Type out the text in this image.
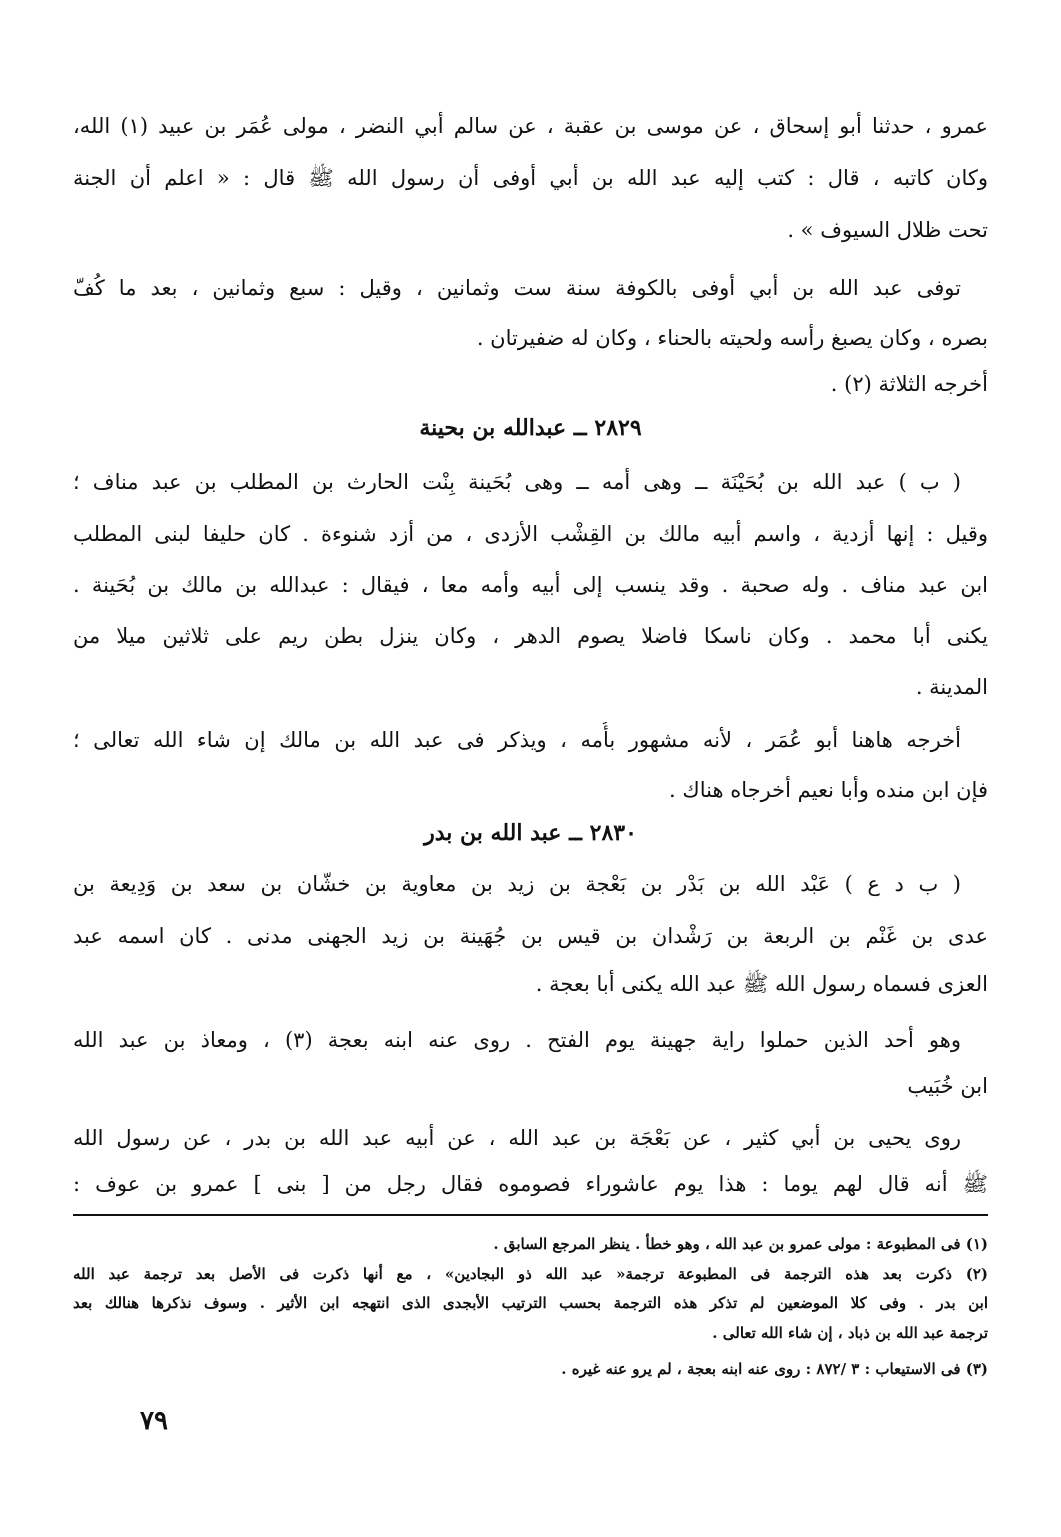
عمرو ، حدثنا أبو إسحاق ، عن موسى بن عقبة ، عن سالم أبي النضر ، مولى عُمَر بن عبيد (١) الله،
وكان كاتبه ، قال : كتب إليه عبد الله بن أبي أوفى أن رسول الله ﷺ قال : « اعلم أن الجنة
تحت ظلال السيوف » .
توفى عبد الله بن أبي أوفى بالكوفة سنة ست وثمانين ، وقيل : سبع وثمانين ، بعد ما كُفّ
بصره ، وكان يصبغ رأسه ولحيته بالحناء ، وكان له ضفيرتان .
أخرجه الثلاثة (٢) .
٢٨٢٩ ــ عبدالله بن بحينة
( ب ) عبد الله بن بُحَيْنَة ــ وهى أمه ــ وهى بُحَينة بِنْت الحارث بن المطلب بن عبد مناف ؛
وقيل : إنها أزدية ، واسم أبيه مالك بن القِشْب الأزدى ، من أزد شنوءة . كان حليفا لبنى المطلب
ابن عبد مناف . وله صحبة . وقد ينسب إلى أبيه وأمه معا ، فيقال : عبدالله بن مالك بن بُحَينة .
يكنى أبا محمد . وكان ناسكا فاضلا يصوم الدهر ، وكان ينزل بطن ريم على ثلاثين ميلا من
المدينة .
أخرجه هاهنا أبو عُمَر ، لأنه مشهور بأُمه ، ويذكر فى عبد الله بن مالك إن شاء الله تعالى ؛
فإن ابن منده وأبا نعيم أخرجاه هناك .
٢٨٣٠ ــ عبد الله بن بدر
( ب د ع ) عَبْد الله بن بَدْر بن بَعْجة بن زيد بن معاوية بن خشّان بن سعد بن وَدِيعة بن
عدى بن غَنْم بن الربعة بن رَشْدان بن قيس بن جُهَينة بن زيد الجهنى مدنى . كان اسمه عبد
العزى فسماه رسول الله ﷺ عبد الله يكنى أبا بعجة .
وهو أحد الذين حملوا راية جهينة يوم الفتح . روى عنه ابنه بعجة (٣) ، ومعاذ بن عبد الله
ابن خُبَيب
روى يحيى بن أبي كثير ، عن بَعْجَة بن عبد الله ، عن أبيه عبد الله بن بدر ، عن رسول الله
ﷺ أنه قال لهم يوما : هذا يوم عاشوراء فصوموه فقال رجل من [ بنى ] عمرو بن عوف :
(١) فى المطبوعة : مولى عمرو بن عبد الله ، وهو خطأ . ينظر المرجع السابق .
(٢) ذكرت بعد هذه الترجمة فى المطبوعة ترجمة« عبد الله ذو البجادين» ، مع أنها ذكرت فى الأصل بعد ترجمة عبد الله
ابن بدر . وفى كلا الموضعين لم تذكر هذه الترجمة بحسب الترتيب الأبجدى الذى انتهجه ابن الأثير . وسوف نذكرها هنالك بعد
ترجمة عبد الله بن ذباد ، إن شاء الله تعالى .
(٣) فى الاستيعاب : ٣ /٨٧٢ : روى عنه ابنه بعجة ، لم يرو عنه غيره .
٧٩
